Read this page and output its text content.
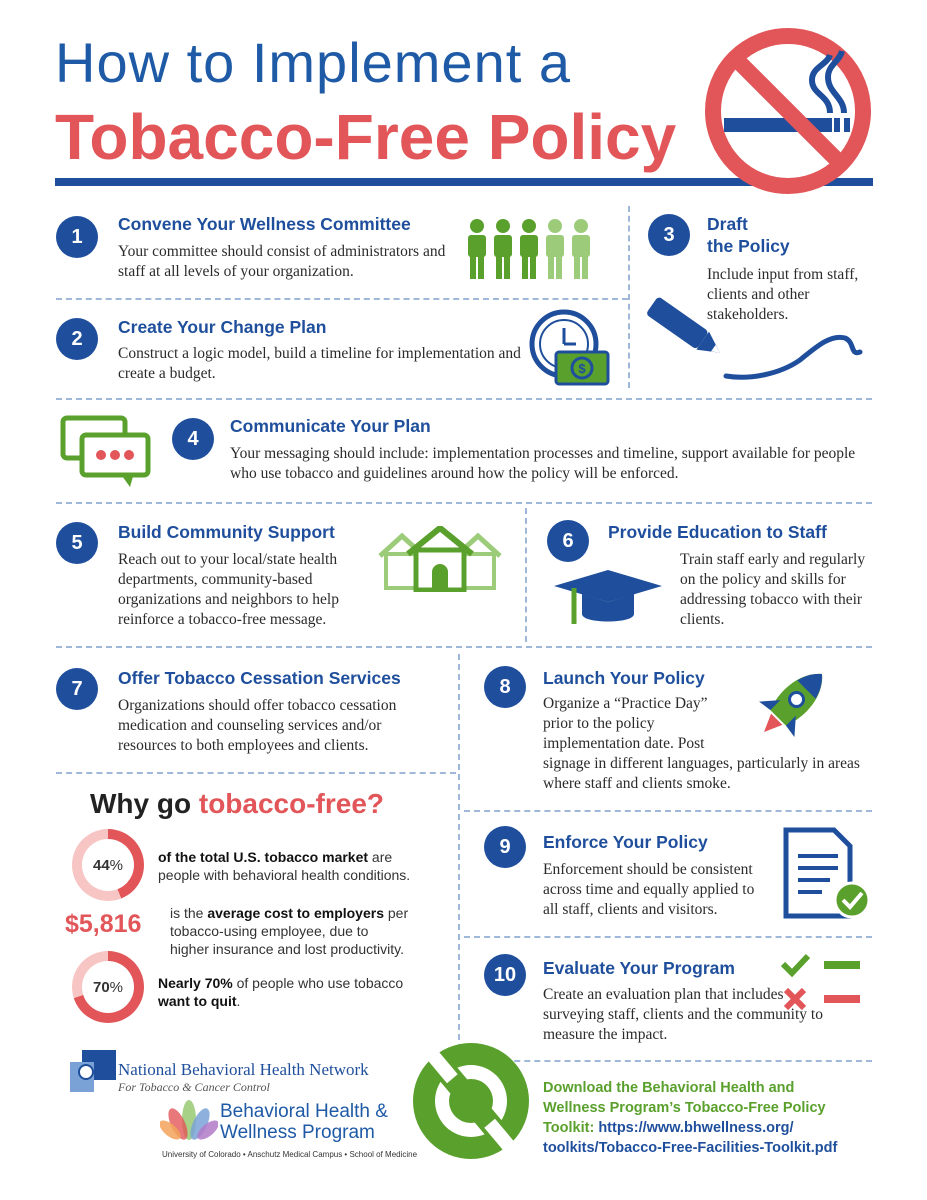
How to Implement a
Tobacco-Free Policy
1
Convene Your Wellness Committee
Your committee should consist of administrators and staff at all levels of your organization.
2
Create Your Change Plan
Construct a logic model, build a timeline for implementation and create a budget.	$
3	Draft
the Policy
Include input from staff, clients and other stakeholders.
4
Communicate Your Plan
Your messaging should include: implementation processes and timeline, support available for people who use tobacco and guidelines around how the policy will be enforced.
5	Build Community Support
Reach out to your local/state health departments, community-based organizations and neighbors to help reinforce a tobacco-free message.
6	Provide Education to Staff
Train staff early and regularly on the policy and skills for addressing tobacco with their clients.
7	Offer Tobacco Cessation Services
Organizations should offer tobacco cessation medication and counseling services and/or resources to both employees and clients.
8	Launch Your Policy
Organize a “Practice Day” prior to the policy implementation date. Post
signage in different languages, particularly in areas where staff and clients smoke.
Why go tobacco-free?
44 % of the total U.S. tobacco market are
people with behavioral health conditions.
$5,816 is the average cost to employers per
tobacco-using employee, due to
higher insurance and lost productivity.
70 % Nearly 70% of people who use tobacco
want to quit.
9	Enforce Your Policy
Enforcement should be consistent across time and equally applied to all staff, clients and visitors.
10	Evaluate Your Program
Create an evaluation plan that includes surveying staff, clients and the community to measure the impact.
National Behavioral Health Network
For Tobacco & Cancer Control
Behavioral Health &
Wellness Program
University of Colorado • Anschutz Medical Campus • School of Medicine
Download the Behavioral Health and
Wellness Program’s Tobacco-Free Policy
Toolkit: https://www.bhwellness.org/
toolkits/Tobacco-Free-Facilities-Toolkit.pdf
